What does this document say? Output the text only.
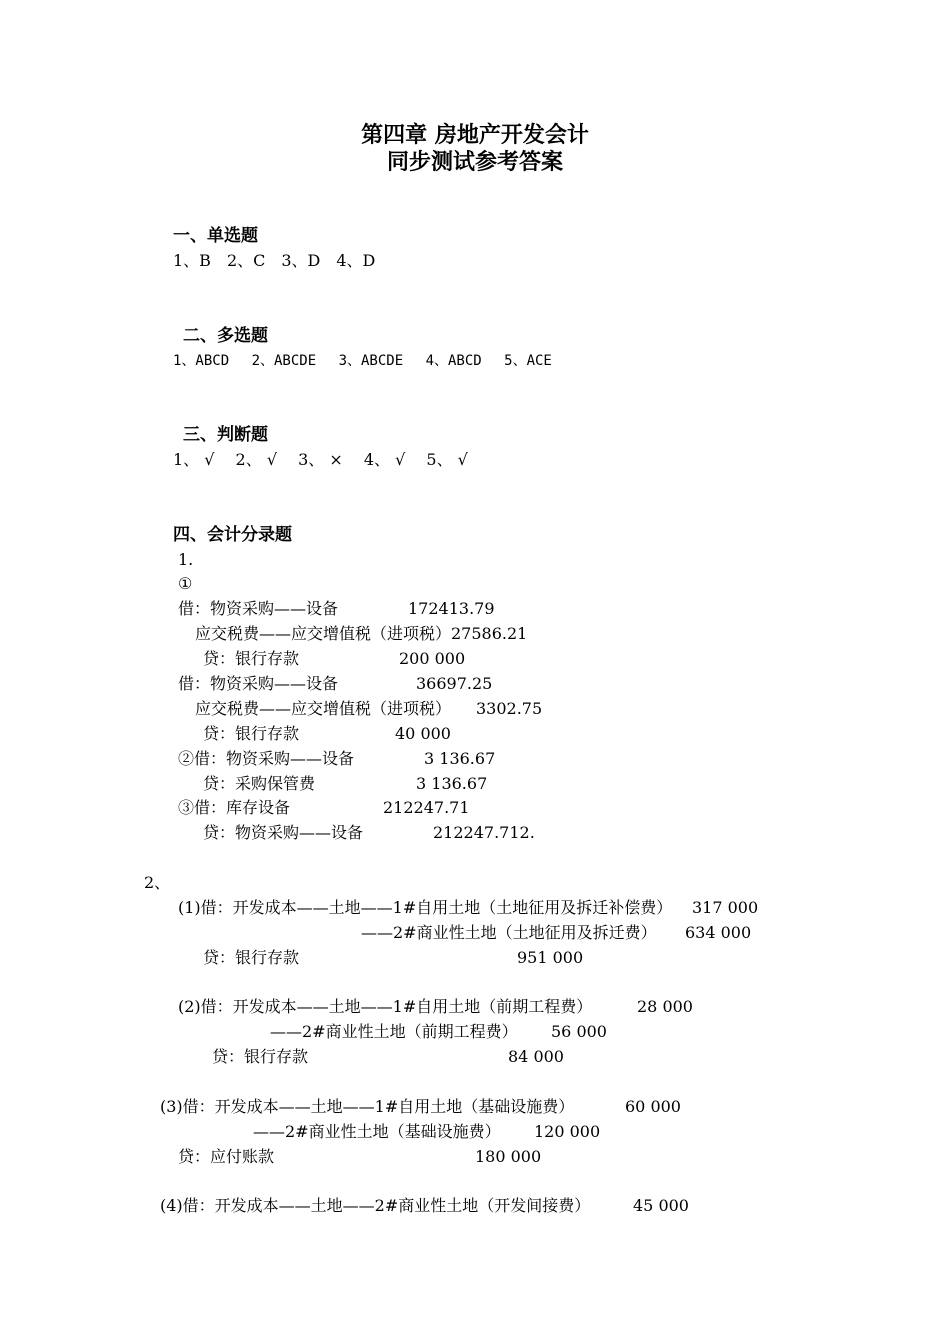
第四章 房地产开发会计
同步测试参考答案
一、单选题
1、B　2、C　3、D　4、D
二、多选题
1、ABCD　 2、ABCDE　 3、ABCDE　 4、ABCD　 5、ACE
三、判断题
1、 √　 2、 √　 3、 ×　 4、 √　 5、 √
四、会计分录题
1.
①
借：物资采购——设备	172413.79
应交税费——应交增值税（进项税）27586.21
贷：银行存款	200 000
借：物资采购——设备	36697.25
应交税费——应交增值税（进项税） 3302.75
贷：银行存款	40 000
②借：物资采购——设备	3 136.67
贷：采购保管费	3 136.67
③借：库存设备	212247.71
贷：物资采购——设备	212247.712.
2、
(1)借：开发成本——土地——1#自用土地（土地征用及拆迁补偿费） 317 000
——2#商业性土地（土地征用及拆迁费） 634 000
贷：银行存款	951 000
(2)借：开发成本——土地——1#自用土地（前期工程费）	28 000
——2#商业性土地（前期工程费） 56 000
贷：银行存款	84 000
(3)借：开发成本——土地——1#自用土地（基础设施费）	60 000
——2#商业性土地（基础设施费） 120 000
贷：应付账款	180 000
(4)借：开发成本——土地——2#商业性土地（开发间接费）	45 000
